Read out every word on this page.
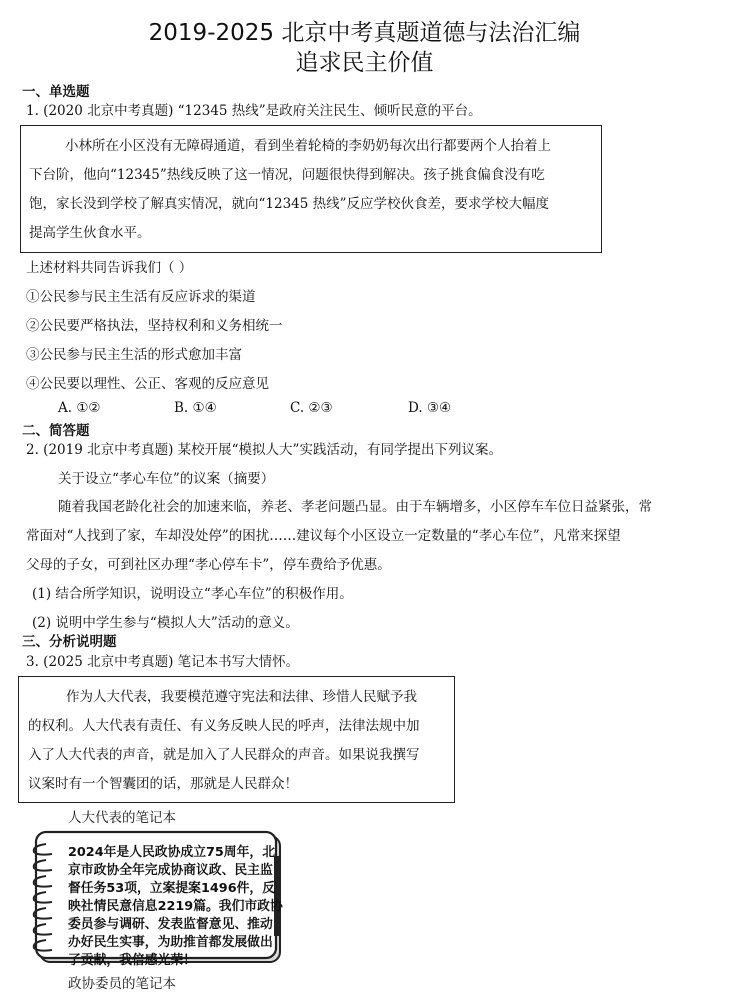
2019-2025 北京中考真题道德与法治汇编
追求民主价值
一、单选题
1. (2020 北京中考真题) “12345 热线”是政府关注民生、倾听民意的平台。
小林所在小区没有无障碍通道，看到坐着轮椅的李奶奶每次出行都要两个人抬着上
下台阶，他向“12345”热线反映了这一情况，问题很快得到解决。孩子挑食偏食没有吃
饱，家长没到学校了解真实情况，就向“12345 热线”反应学校伙食差，要求学校大幅度
提高学生伙食水平。
上述材料共同告诉我们（ ）
①公民参与民主生活有反应诉求的渠道
②公民要严格执法，坚持权利和义务相统一
③公民参与民主生活的形式愈加丰富
④公民要以理性、公正、客观的反应意见
A. ①②	B. ①④	C. ②③	D. ③④
二、简答题
2. (2019 北京中考真题) 某校开展“模拟人大”实践活动，有同学提出下列议案。
关于设立“孝心车位”的议案（摘要）
随着我国老龄化社会的加速来临，养老、孝老问题凸显。由于车辆增多，小区停车车位日益紧张，常
常面对“人找到了家，车却没处停”的困扰……建议每个小区设立一定数量的“孝心车位”，凡常来探望
父母的子女，可到社区办理“孝心停车卡”，停车费给予优惠。
(1) 结合所学知识，说明设立“孝心车位”的积极作用。
(2) 说明中学生参与“模拟人大”活动的意义。
三、分析说明题
3. (2025 北京中考真题) 笔记本书写大情怀。
作为人大代表，我要模范遵守宪法和法律、珍惜人民赋予我
的权利。人大代表有责任、有义务反映人民的呼声，法律法规中加
入了人大代表的声音，就是加入了人民群众的声音。如果说我撰写
议案时有一个智囊团的话，那就是人民群众！
人大代表的笔记本
2024年是人民政协成立75周年，北
京市政协全年完成协商议政、民主监
督任务53项，立案提案1496件，反
映社情民意信息2219篇。我们市政协
委员参与调研、发表监督意见、推动
办好民生实事，为助推首都发展做出
了贡献，我倍感光荣！
政协委员的笔记本
